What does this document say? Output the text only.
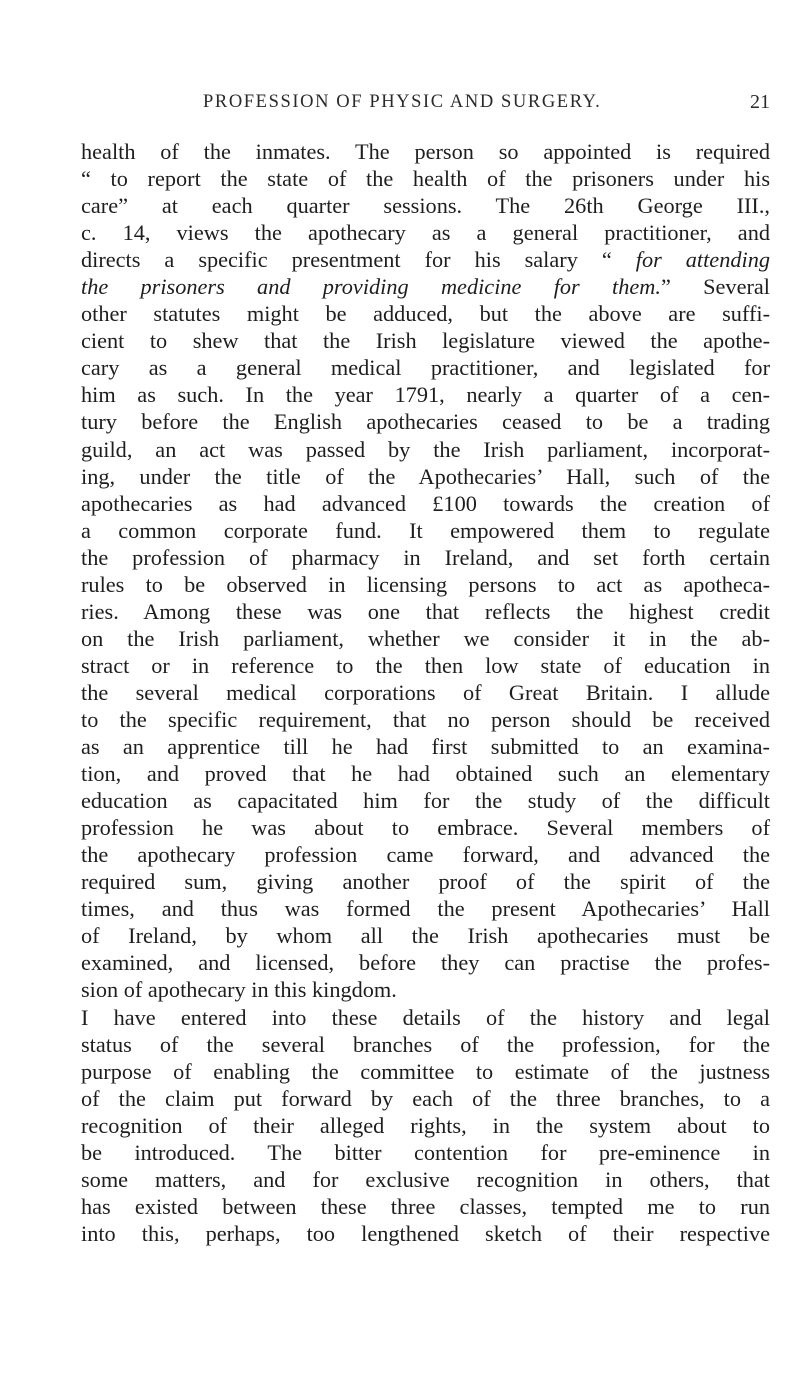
PROFESSION OF PHYSIC AND SURGERY.	21
health of the inmates. The person so appointed is required
“ to report the state of the health of the prisoners under his
care” at each quarter sessions. The 26th George III.,
c. 14, views the apothecary as a general practitioner, and
directs a specific presentment for his salary “ for attending
the prisoners and providing medicine for them.” Several
other statutes might be adduced, but the above are suffi-
cient to shew that the Irish legislature viewed the apothe-
cary as a general medical practitioner, and legislated for
him as such. In the year 1791, nearly a quarter of a cen-
tury before the English apothecaries ceased to be a trading
guild, an act was passed by the Irish parliament, incorporat-
ing, under the title of the Apothecaries’ Hall, such of the
apothecaries as had advanced £100 towards the creation of
a common corporate fund. It empowered them to regulate
the profession of pharmacy in Ireland, and set forth certain
rules to be observed in licensing persons to act as apotheca-
ries. Among these was one that reflects the highest credit
on the Irish parliament, whether we consider it in the ab-
stract or in reference to the then low state of education in
the several medical corporations of Great Britain. I allude
to the specific requirement, that no person should be received
as an apprentice till he had first submitted to an examina-
tion, and proved that he had obtained such an elementary
education as capacitated him for the study of the difficult
profession he was about to embrace. Several members of
the apothecary profession came forward, and advanced the
required sum, giving another proof of the spirit of the
times, and thus was formed the present Apothecaries’ Hall
of Ireland, by whom all the Irish apothecaries must be
examined, and licensed, before they can practise the profes-
sion of apothecary in this kingdom.
I have entered into these details of the history and legal
status of the several branches of the profession, for the
purpose of enabling the committee to estimate of the justness
of the claim put forward by each of the three branches, to a
recognition of their alleged rights, in the system about to
be introduced. The bitter contention for pre-eminence in
some matters, and for exclusive recognition in others, that
has existed between these three classes, tempted me to run
into this, perhaps, too lengthened sketch of their respective
